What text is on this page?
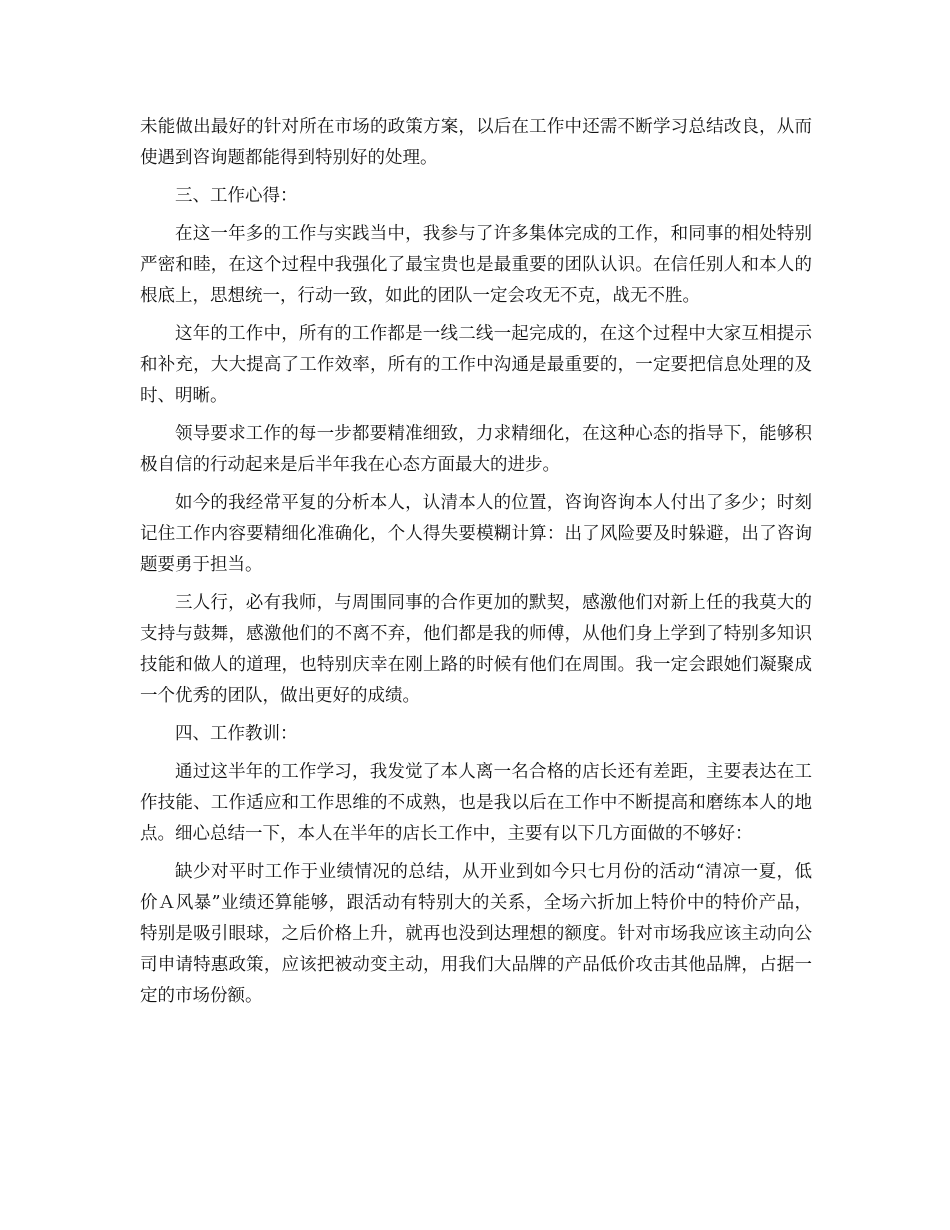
未能做出最好的针对所在市场的政策方案，以后在工作中还需不断学习总结改良，从而使遇到咨询题都能得到特别好的处理。

三、工作心得：

在这一年多的工作与实践当中，我参与了许多集体完成的工作，和同事的相处特别严密和睦，在这个过程中我强化了最宝贵也是最重要的团队认识。在信任别人和本人的根底上，思想统一，行动一致，如此的团队一定会攻无不克，战无不胜。

这年的工作中，所有的工作都是一线二线一起完成的，在这个过程中大家互相提示和补充，大大提高了工作效率，所有的工作中沟通是最重要的，一定要把信息处理的及时、明晰。

领导要求工作的每一步都要精准细致，力求精细化，在这种心态的指导下，能够积极自信的行动起来是后半年我在心态方面最大的进步。

如今的我经常平复的分析本人，认清本人的位置，咨询咨询本人付出了多少；时刻记住工作内容要精细化准确化，个人得失要模糊计算：出了风险要及时躲避，出了咨询题要勇于担当。

三人行，必有我师，与周围同事的合作更加的默契，感激他们对新上任的我莫大的支持与鼓舞，感激他们的不离不弃，他们都是我的师傅，从他们身上学到了特别多知识技能和做人的道理，也特别庆幸在刚上路的时候有他们在周围。我一定会跟她们凝聚成一个优秀的团队，做出更好的成绩。

四、工作教训：

通过这半年的工作学习，我发觉了本人离一名合格的店长还有差距，主要表达在工作技能、工作适应和工作思维的不成熟，也是我以后在工作中不断提高和磨练本人的地点。细心总结一下，本人在半年的店长工作中，主要有以下几方面做的不够好：

缺少对平时工作于业绩情况的总结，从开业到如今只七月份的活动“清凉一夏，低价Ａ风暴”业绩还算能够，跟活动有特别大的关系，全场六折加上特价中的特价产品，特别是吸引眼球，之后价格上升，就再也没到达理想的额度。针对市场我应该主动向公司申请特惠政策，应该把被动变主动，用我们大品牌的产品低价攻击其他品牌，占据一定的市场份额。
